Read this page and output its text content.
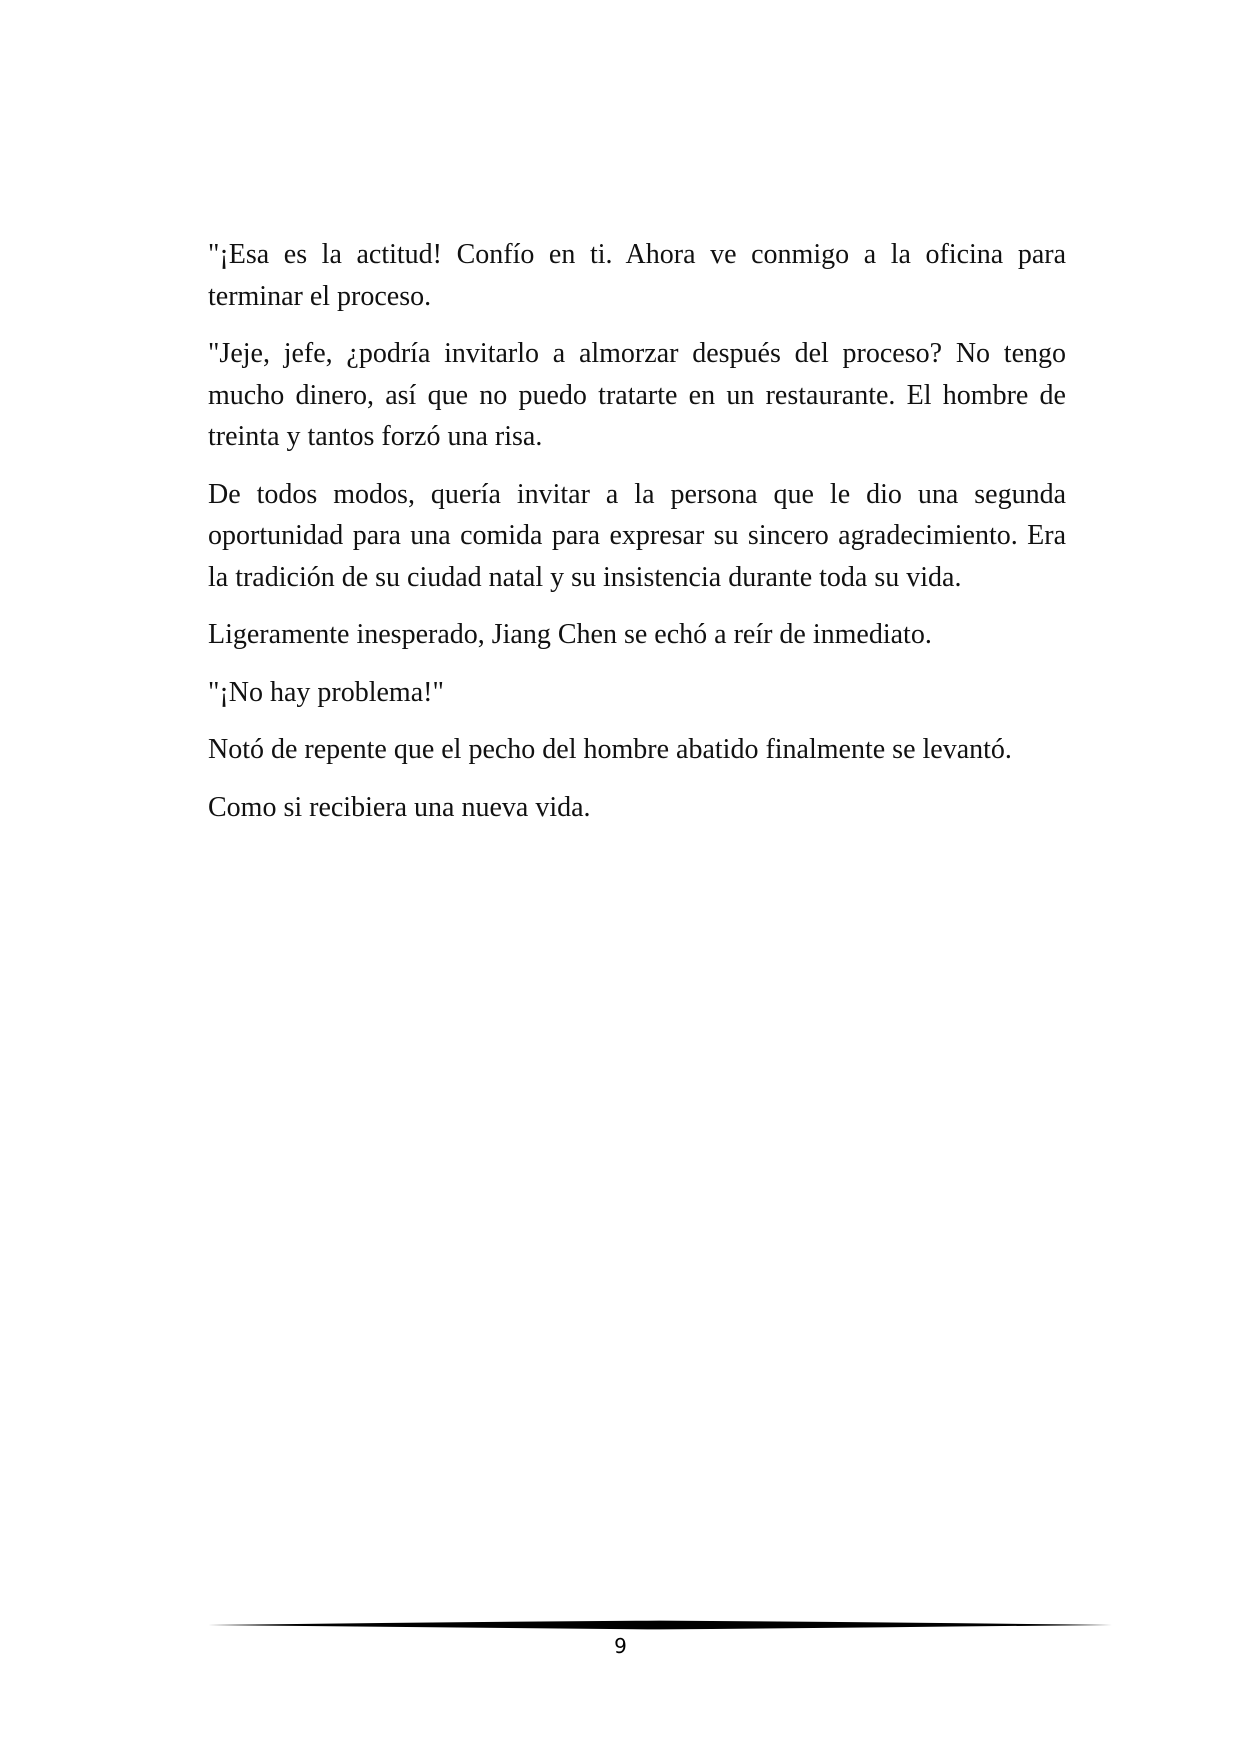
"¡Esa es la actitud! Confío en ti. Ahora ve conmigo a la oficina para terminar el proceso.

"Jeje, jefe, ¿podría invitarlo a almorzar después del proceso? No tengo mucho dinero, así que no puedo tratarte en un restaurante. El hombre de treinta y tantos forzó una risa.

De todos modos, quería invitar a la persona que le dio una segunda oportunidad para una comida para expresar su sincero agradecimiento. Era la tradición de su ciudad natal y su insistencia durante toda su vida.

Ligeramente inesperado, Jiang Chen se echó a reír de inmediato.

"¡No hay problema!"

Notó de repente que el pecho del hombre abatido finalmente se levantó.

Como si recibiera una nueva vida.

9
